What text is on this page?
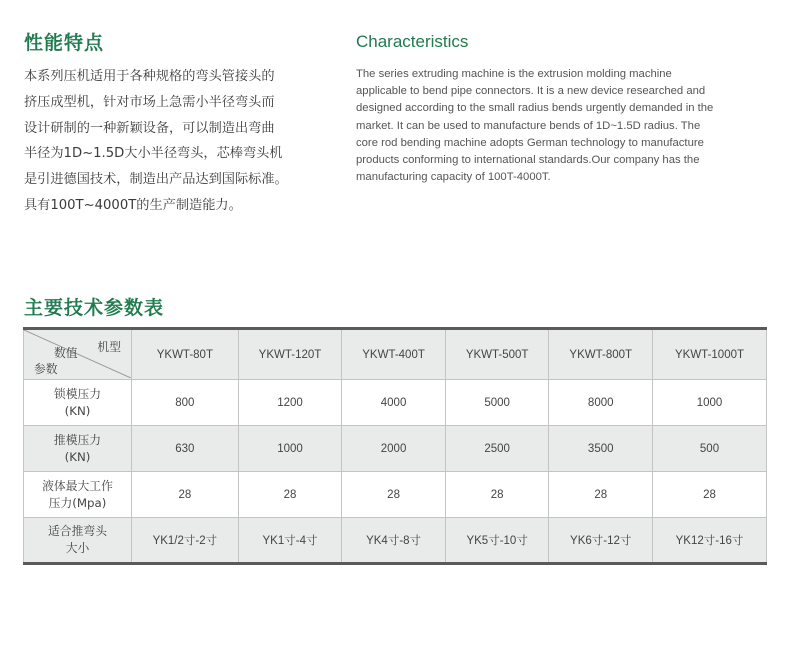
性能特点
本系列压机适用于各种规格的弯头管接头的
挤压成型机，针对市场上急需小半径弯头而
设计研制的一种新颖设备，可以制造出弯曲
半径为1D~1.5D大小半径弯头，芯棒弯头机
是引进德国技术，制造出产品达到国际标准。
具有100T~4000T的生产制造能力。
Characteristics
The series extruding machine is the extrusion molding machine
applicable to bend pipe connectors. It is a new device researched and
designed according to the small radius bends urgently demanded in the
market. It can be used to manufacture bends of 1D~1.5D radius. The
core rod bending machine adopts German technology to manufacture
products conforming to international standards.Our company has the
manufacturing capacity of 100T-4000T.
主要技术参数表
机型
数值
参数	YKWT-80T	YKWT-120T	YKWT-400T	YKWT-500T	YKWT-800T	YKWT-1000T

锁模压力
(KN)	800	1200	4000	5000	8000	1000

推模压力
(KN)	630	1000	2000	2500	3500	500

液体最大工作
压力(Mpa)	28	28	28	28	28	28

适合推弯头
大小	YK1/2寸-2寸	YK1寸-4寸	YK4寸-8寸	YK5寸-10寸	YK6寸-12寸	YK12寸-16寸
